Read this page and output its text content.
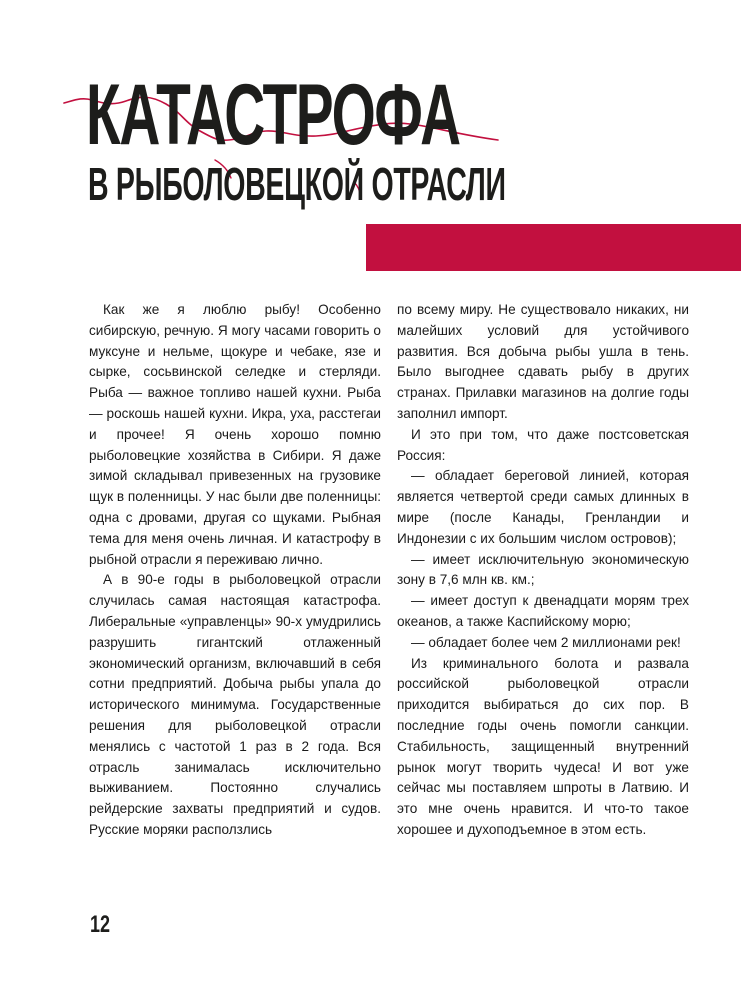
КАТАСТРОФА
В РЫБОЛОВЕЦКОЙ ОТРАСЛИ

Как же я люблю рыбу! Особенно сибирскую, речную. Я могу часами говорить о муксуне и нельме, щокуре и чебаке, язе и сырке, сосьвинской селедке и стерляди. Рыба — важное топливо нашей кухни. Рыба— роскошь нашей кухни. Икра, уха, расстегаи и прочее! Я очень хорошо помню рыболовецкие хозяйства в Сибири. Я даже зимой складывал привезенных на грузовике щук в поленницы. У нас были две поленницы: одна с дровами, другая со щуками. Рыбная тема для меня очень личная. И катастрофу в рыбной отрасли я переживаю лично.

А в 90-е годы в рыболовецкой отрасли случилась самая настоящая катастрофа. Либеральные «управленцы» 90-х умудрились разрушить гигантский отлаженный экономический организм, включавший в себя сотни предприятий. Добыча рыбы упала до исторического минимума. Государственные решения для рыболовецкой отрасли менялись с частотой 1 раз в 2 года. Вся отрасль занималась исключительно выживанием. Постоянно случались рейдерские захваты предприятий и судов. Русские моряки расползлись

по всему миру. Не существовало никаких, ни малейших условий для устойчивого развития. Вся добыча рыбы ушла в тень. Было выгоднее сдавать рыбу в других странах. Прилавки магазинов на долгие годы заполнил импорт.

И это при том, что даже постсоветская Россия:

— обладает береговой линией, которая является четвертой среди самых длинных в мире (после Канады, Гренландии и Индонезии с их большим числом островов);

— имеет исключительную экономическую зону в 7,6 млн кв. км.;

— имеет доступ к двенадцати морям трех океанов, а также Каспийскому морю;

— обладает более чем 2 миллионами рек!

Из криминального болота и развала российской рыболовецкой отрасли приходится выбираться до сих пор. В последние годы очень помогли санкции. Стабильность, защищенный внутренний рынок могут творить чудеса! И вот уже сейчас мы поставляем шпроты в Латвию. И это мне очень нравится. И что-то такое хорошее и духоподъемное в этом есть.

12
